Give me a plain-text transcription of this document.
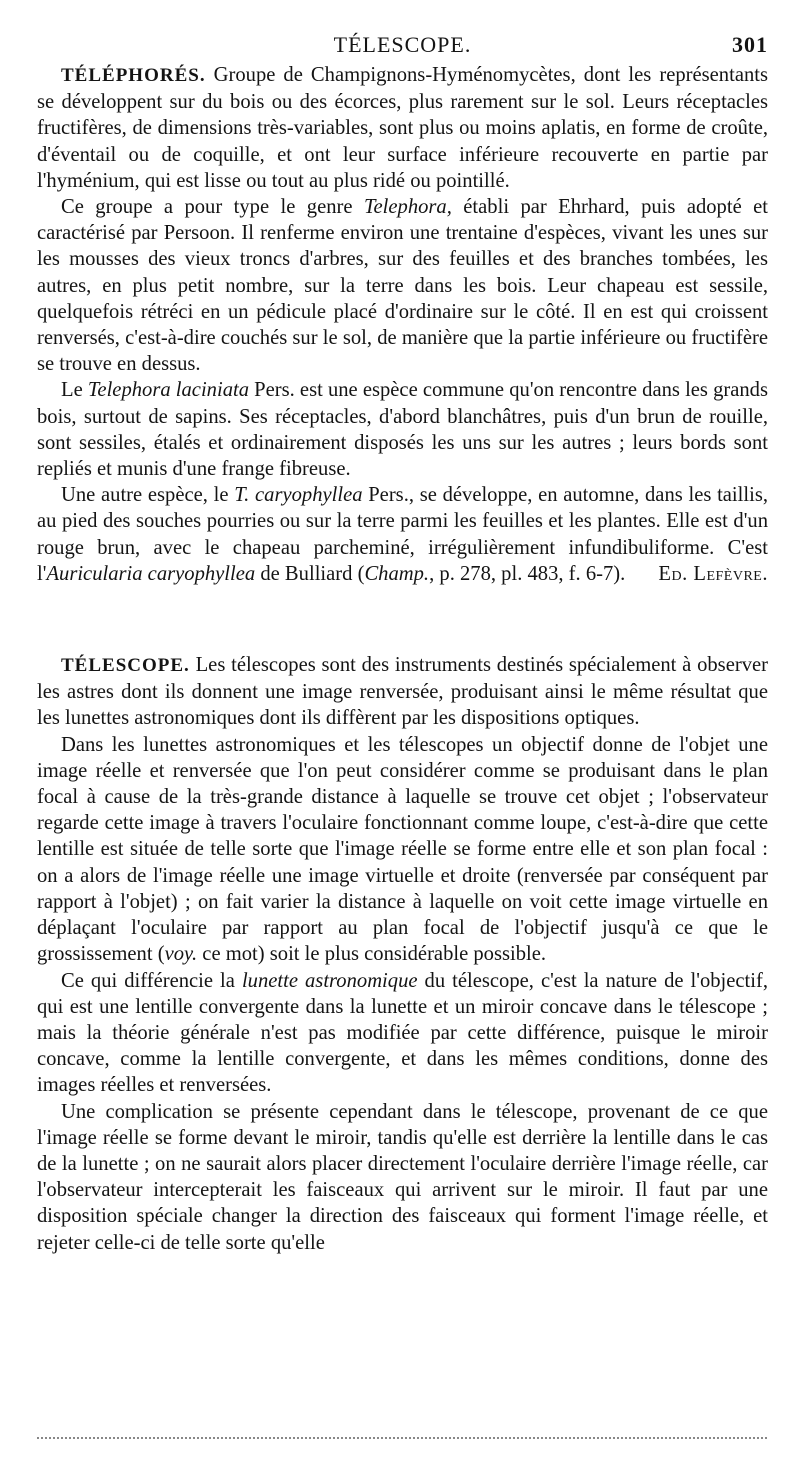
TÉLESCOPE.	301

TÉLÉPHORÉS. Groupe de Champignons-Hyménomycètes, dont les représentants se développent sur du bois ou des écorces, plus rarement sur le sol. Leurs réceptacles fructifères, de dimensions très-variables, sont plus ou moins aplatis, en forme de croûte, d'éventail ou de coquille, et ont leur surface inférieure recouverte en partie par l'hyménium, qui est lisse ou tout au plus ridé ou pointillé.

Ce groupe a pour type le genre Telephora, établi par Ehrhard, puis adopté et caractérisé par Persoon. Il renferme environ une trentaine d'espèces, vivant les unes sur les mousses des vieux troncs d'arbres, sur des feuilles et des branches tombées, les autres, en plus petit nombre, sur la terre dans les bois. Leur chapeau est sessile, quelquefois rétréci en un pédicule placé d'ordinaire sur le côté. Il en est qui croissent renversés, c'est-à-dire couchés sur le sol, de manière que la partie inférieure ou fructifère se trouve en dessus.

Le Telephora laciniata Pers. est une espèce commune qu'on rencontre dans les grands bois, surtout de sapins. Ses réceptacles, d'abord blanchâtres, puis d'un brun de rouille, sont sessiles, étalés et ordinairement disposés les uns sur les autres ; leurs bords sont repliés et munis d'une frange fibreuse.

Une autre espèce, le T. caryophyllea Pers., se développe, en automne, dans les taillis, au pied des souches pourries ou sur la terre parmi les feuilles et les plantes. Elle est d'un rouge brun, avec le chapeau parcheminé, irrégulièrement infundibuliforme. C'est l'Auricularia caryophyllea de Bulliard (Champ., p. 278, pl. 483, f. 6-7).	Ed. Lefèvre.

TÉLESCOPE. Les télescopes sont des instruments destinés spécialement à observer les astres dont ils donnent une image renversée, produisant ainsi le même résultat que les lunettes astronomiques dont ils diffèrent par les dispositions optiques.

Dans les lunettes astronomiques et les télescopes un objectif donne de l'objet une image réelle et renversée que l'on peut considérer comme se produisant dans le plan focal à cause de la très-grande distance à laquelle se trouve cet objet ; l'observateur regarde cette image à travers l'oculaire fonctionnant comme loupe, c'est-à-dire que cette lentille est située de telle sorte que l'image réelle se forme entre elle et son plan focal : on a alors de l'image réelle une image virtuelle et droite (renversée par conséquent par rapport à l'objet) ; on fait varier la distance à laquelle on voit cette image virtuelle en déplaçant l'oculaire par rapport au plan focal de l'objectif jusqu'à ce que le grossissement (voy. ce mot) soit le plus considérable possible.

Ce qui différencie la lunette astronomique du télescope, c'est la nature de l'objectif, qui est une lentille convergente dans la lunette et un miroir concave dans le télescope ; mais la théorie générale n'est pas modifiée par cette différence, puisque le miroir concave, comme la lentille convergente, et dans les mêmes conditions, donne des images réelles et renversées.

Une complication se présente cependant dans le télescope, provenant de ce que l'image réelle se forme devant le miroir, tandis qu'elle est derrière la lentille dans le cas de la lunette ; on ne saurait alors placer directement l'oculaire derrière l'image réelle, car l'observateur intercepterait les faisceaux qui arrivent sur le miroir. Il faut par une disposition spéciale changer la direction des faisceaux qui forment l'image réelle, et rejeter celle-ci de telle sorte qu'elle
